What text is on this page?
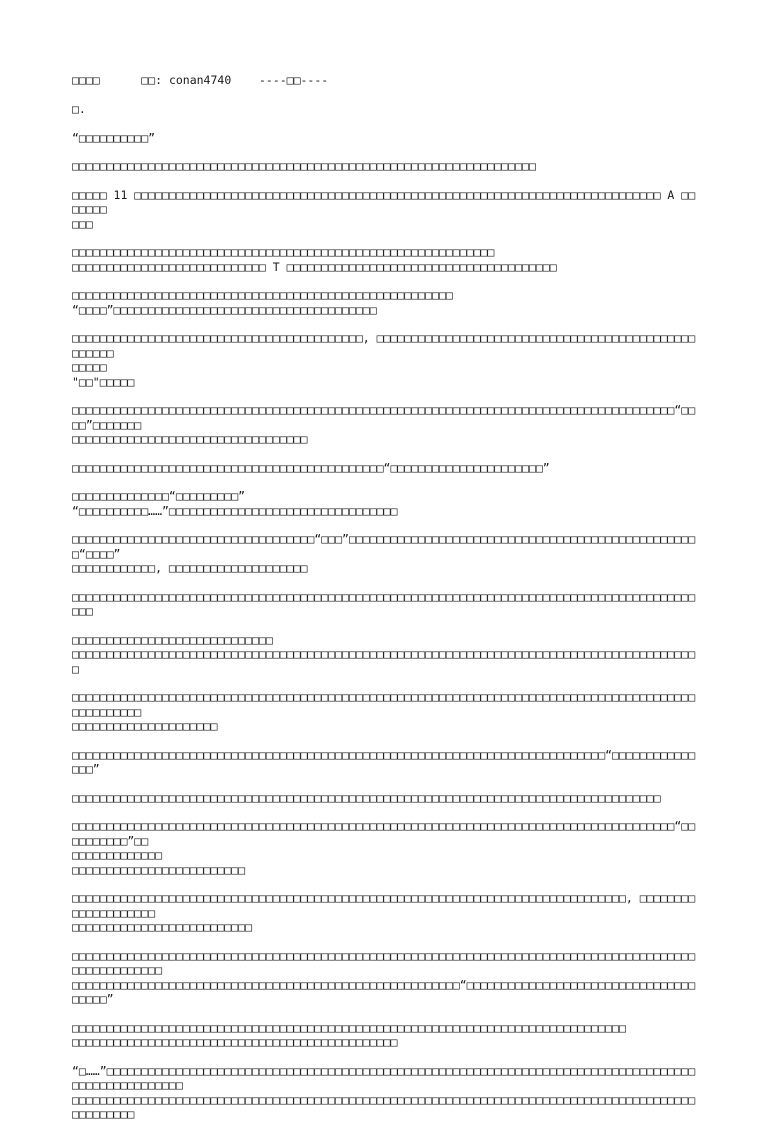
□□□□	□□: conan4740 ----□□----
□.
“□□□□□□□□□□”
□□□□□□□□□□□□□□□□□□□□□□□□□□□□□□□□□□□□□□□□□□□□□□□□□□□□□□□□□□□□□□□□□□□
□□□□□ 11 □□□□□□□□□□□□□□□□□□□□□□□□□□□□□□□□□□□□□□□□□□□□□□□□□□□□□□□□□□□□□□□□□□□□□□□□□□□□ A □□□□□□□
□□□
□□□□□□□□□□□□□□□□□□□□□□□□□□□□□□□□□□□□□□□□□□□□□□□□□□□□□□□□□□□□□
□□□□□□□□□□□□□□□□□□□□□□□□□□□□ T □□□□□□□□□□□□□□□□□□□□□□□□□□□□□□□□□□□□□□□
□□□□□□□□□□□□□□□□□□□□□□□□□□□□□□□□□□□□□□□□□□□□□□□□□□□□□□□
“□□□□”□□□□□□□□□□□□□□□□□□□□□□□□□□□□□□□□□□□□□□
□□□□□□□□□□□□□□□□□□□□□□□□□□□□□□□□□□□□□□□□□□, □□□□□□□□□□□□□□□□□□□□□□□□□□□□□□□□□□□□□□□□□□□□□□□□□□□□
□□□□□
"□□"□□□□□
□□□□□□□□□□□□□□□□□□□□□□□□□□□□□□□□□□□□□□□□□□□□□□□□□□□□□□□□□□□□□□□□□□□□□□□□□□□□□□□□□□□□□□□“□□□□”□□□□□□□
□□□□□□□□□□□□□□□□□□□□□□□□□□□□□□□□□□
□□□□□□□□□□□□□□□□□□□□□□□□□□□□□□□□□□□□□□□□□□□□□“□□□□□□□□□□□□□□□□□□□□□□”
□□□□□□□□□□□□□□“□□□□□□□□□”
“□□□□□□□□□□……”□□□□□□□□□□□□□□□□□□□□□□□□□□□□□□□□□
□□□□□□□□□□□□□□□□□□□□□□□□□□□□□□□□□□□“□□□”□□□□□□□□□□□□□□□□□□□□□□□□□□□□□□□□□□□□□□□□□□□□□□□□□□□“□□□□”
□□□□□□□□□□□□, □□□□□□□□□□□□□□□□□□□□
□□□□□□□□□□□□□□□□□□□□□□□□□□□□□□□□□□□□□□□□□□□□□□□□□□□□□□□□□□□□□□□□□□□□□□□□□□□□□□□□□□□□□□□□□□□□□
□□□□□□□□□□□□□□□□□□□□□□□□□□□□□
□□□□□□□□□□□□□□□□□□□□□□□□□□□□□□□□□□□□□□□□□□□□□□□□□□□□□□□□□□□□□□□□□□□□□□□□□□□□□□□□□□□□□□□□□□□
□□□□□□□□□□□□□□□□□□□□□□□□□□□□□□□□□□□□□□□□□□□□□□□□□□□□□□□□□□□□□□□□□□□□□□□□□□□□□□□□□□□□□□□□□□□□□□□□□□□□
□□□□□□□□□□□□□□□□□□□□□
□□□□□□□□□□□□□□□□□□□□□□□□□□□□□□□□□□□□□□□□□□□□□□□□□□□□□□□□□□□□□□□□□□□□□□□□□□□□□“□□□□□□□□□□□□□□□”
□□□□□□□□□□□□□□□□□□□□□□□□□□□□□□□□□□□□□□□□□□□□□□□□□□□□□□□□□□□□□□□□□□□□□□□□□□□□□□□□□□□□□
□□□□□□□□□□□□□□□□□□□□□□□□□□□□□□□□□□□□□□□□□□□□□□□□□□□□□□□□□□□□□□□□□□□□□□□□□□□□□□□□□□□□□□□“□□□□□□□□□□”□□
□□□□□□□□□□□□□
□□□□□□□□□□□□□□□□□□□□□□□□□
□□□□□□□□□□□□□□□□□□□□□□□□□□□□□□□□□□□□□□□□□□□□□□□□□□□□□□□□□□□□□□□□□□□□□□□□□□□□□□□□, □□□□□□□□□□□□□□□□□□□□
□□□□□□□□□□□□□□□□□□□□□□□□□□
□□□□□□□□□□□□□□□□□□□□□□□□□□□□□□□□□□□□□□□□□□□□□□□□□□□□□□□□□□□□□□□□□□□□□□□□□□□□□□□□□□□□□□□□□□□□□□□□□□□□□□□
□□□□□□□□□□□□□□□□□□□□□□□□□□□□□□□□□□□□□□□□□□□□□□□□□□□□□□□□“□□□□□□□□□□□□□□□□□□□□□□□□□□□□□□□□□□□□□□”
□□□□□□□□□□□□□□□□□□□□□□□□□□□□□□□□□□□□□□□□□□□□□□□□□□□□□□□□□□□□□□□□□□□□□□□□□□□□□□□□
□□□□□□□□□□□□□□□□□□□□□□□□□□□□□□□□□□□□□□□□□□□□□□□
“□……”□□□□□□□□□□□□□□□□□□□□□□□□□□□□□□□□□□□□□□□□□□□□□□□□□□□□□□□□□□□□□□□□□□□□□□□□□□□□□□□□□□□□□□□□□□□□□□□□□□□□□
□□□□□□□□□□□□□□□□□□□□□□□□□□□□□□□□□□□□□□□□□□□□□□□□□□□□□□□□□□□□□□□□□□□□□□□□□□□□□□□□□□□□□□□□□□□□□□□□□□□
